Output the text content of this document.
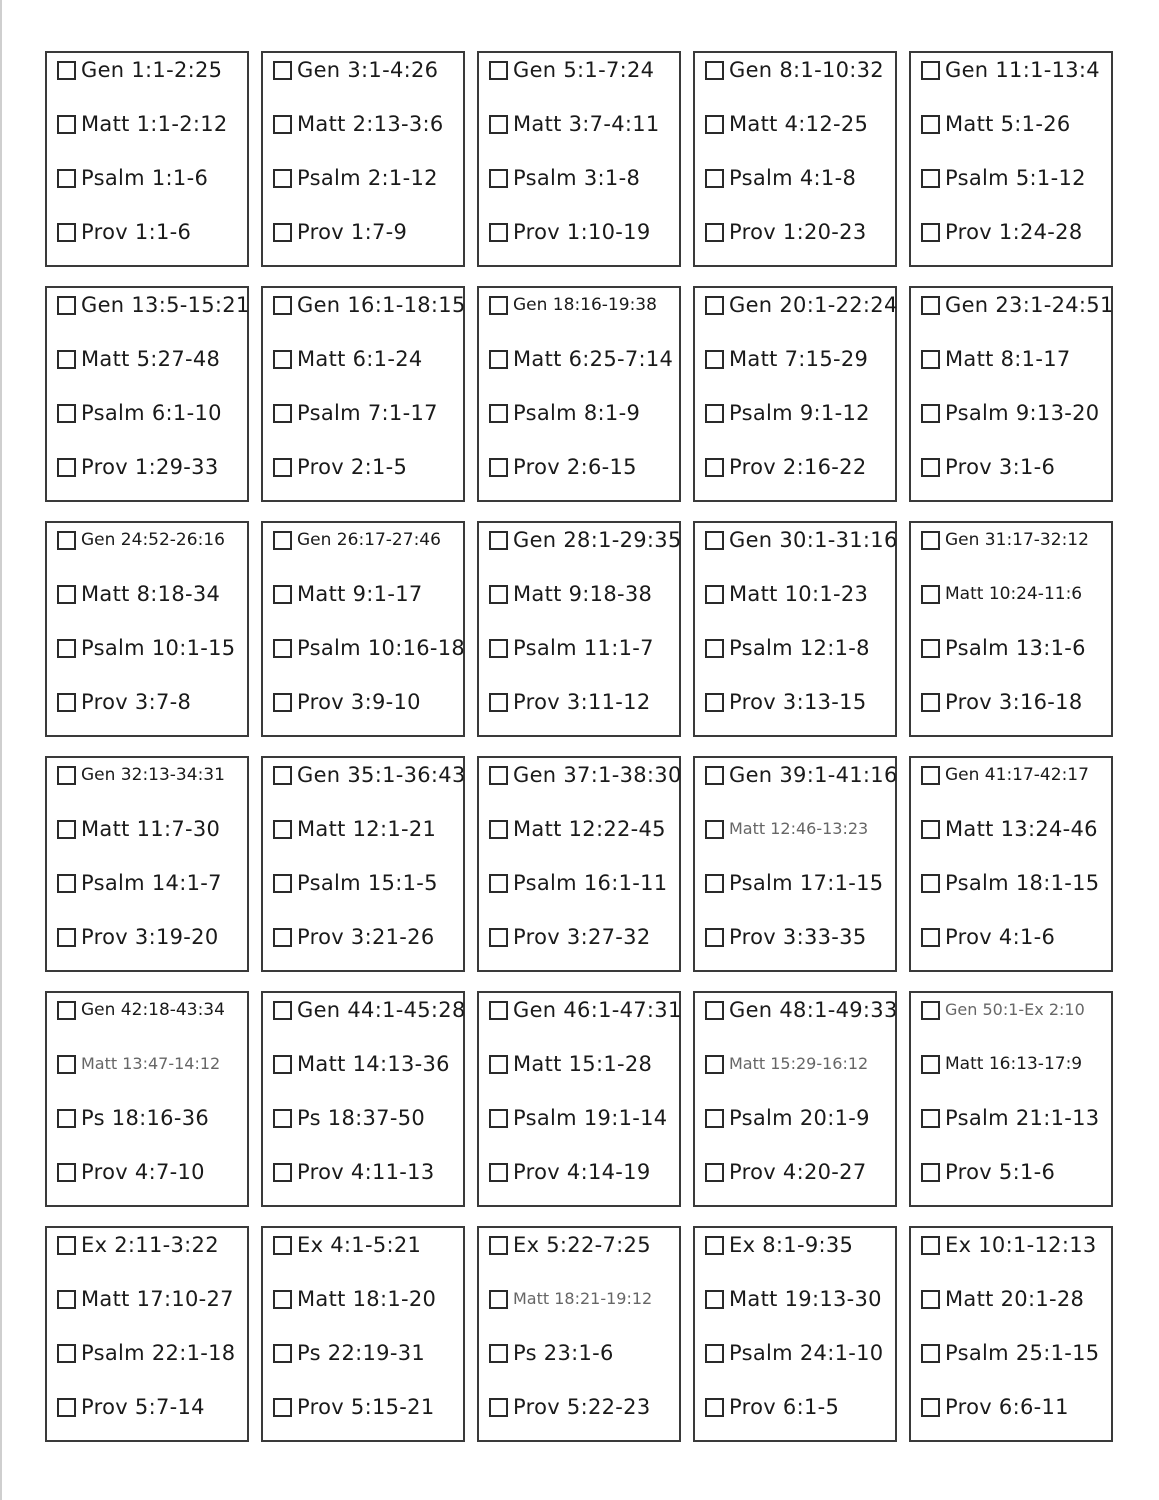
Gen 1:1-2:25
Matt 1:1-2:12
Psalm 1:1-6
Prov 1:1-6
Gen 3:1-4:26
Matt 2:13-3:6
Psalm 2:1-12
Prov 1:7-9
Gen 5:1-7:24
Matt 3:7-4:11
Psalm 3:1-8
Prov 1:10-19
Gen 8:1-10:32
Matt 4:12-25
Psalm 4:1-8
Prov 1:20-23
Gen 11:1-13:4
Matt 5:1-26
Psalm 5:1-12
Prov 1:24-28
Gen 13:5-15:21
Matt 5:27-48
Psalm 6:1-10
Prov 1:29-33
Gen 16:1-18:15
Matt 6:1-24
Psalm 7:1-17
Prov 2:1-5
Gen 18:16-19:38
Matt 6:25-7:14
Psalm 8:1-9
Prov 2:6-15
Gen 20:1-22:24
Matt 7:15-29
Psalm 9:1-12
Prov 2:16-22
Gen 23:1-24:51
Matt 8:1-17
Psalm 9:13-20
Prov 3:1-6
Gen 24:52-26:16
Matt 8:18-34
Psalm 10:1-15
Prov 3:7-8
Gen 26:17-27:46
Matt 9:1-17
Psalm 10:16-18
Prov 3:9-10
Gen 28:1-29:35
Matt 9:18-38
Psalm 11:1-7
Prov 3:11-12
Gen 30:1-31:16
Matt 10:1-23
Psalm 12:1-8
Prov 3:13-15
Gen 31:17-32:12
Matt 10:24-11:6
Psalm 13:1-6
Prov 3:16-18
Gen 32:13-34:31
Matt 11:7-30
Psalm 14:1-7
Prov 3:19-20
Gen 35:1-36:43
Matt 12:1-21
Psalm 15:1-5
Prov 3:21-26
Gen 37:1-38:30
Matt 12:22-45
Psalm 16:1-11
Prov 3:27-32
Gen 39:1-41:16
Matt 12:46-13:23
Psalm 17:1-15
Prov 3:33-35
Gen 41:17-42:17
Matt 13:24-46
Psalm 18:1-15
Prov 4:1-6
Gen 42:18-43:34
Matt 13:47-14:12
Ps 18:16-36
Prov 4:7-10
Gen 44:1-45:28
Matt 14:13-36
Ps 18:37-50
Prov 4:11-13
Gen 46:1-47:31
Matt 15:1-28
Psalm 19:1-14
Prov 4:14-19
Gen 48:1-49:33
Matt 15:29-16:12
Psalm 20:1-9
Prov 4:20-27
Gen 50:1-Ex 2:10
Matt 16:13-17:9
Psalm 21:1-13
Prov 5:1-6
Ex 2:11-3:22
Matt 17:10-27
Psalm 22:1-18
Prov 5:7-14
Ex 4:1-5:21
Matt 18:1-20
Ps 22:19-31
Prov 5:15-21
Ex 5:22-7:25
Matt 18:21-19:12
Ps 23:1-6
Prov 5:22-23
Ex 8:1-9:35
Matt 19:13-30
Psalm 24:1-10
Prov 6:1-5
Ex 10:1-12:13
Matt 20:1-28
Psalm 25:1-15
Prov 6:6-11
